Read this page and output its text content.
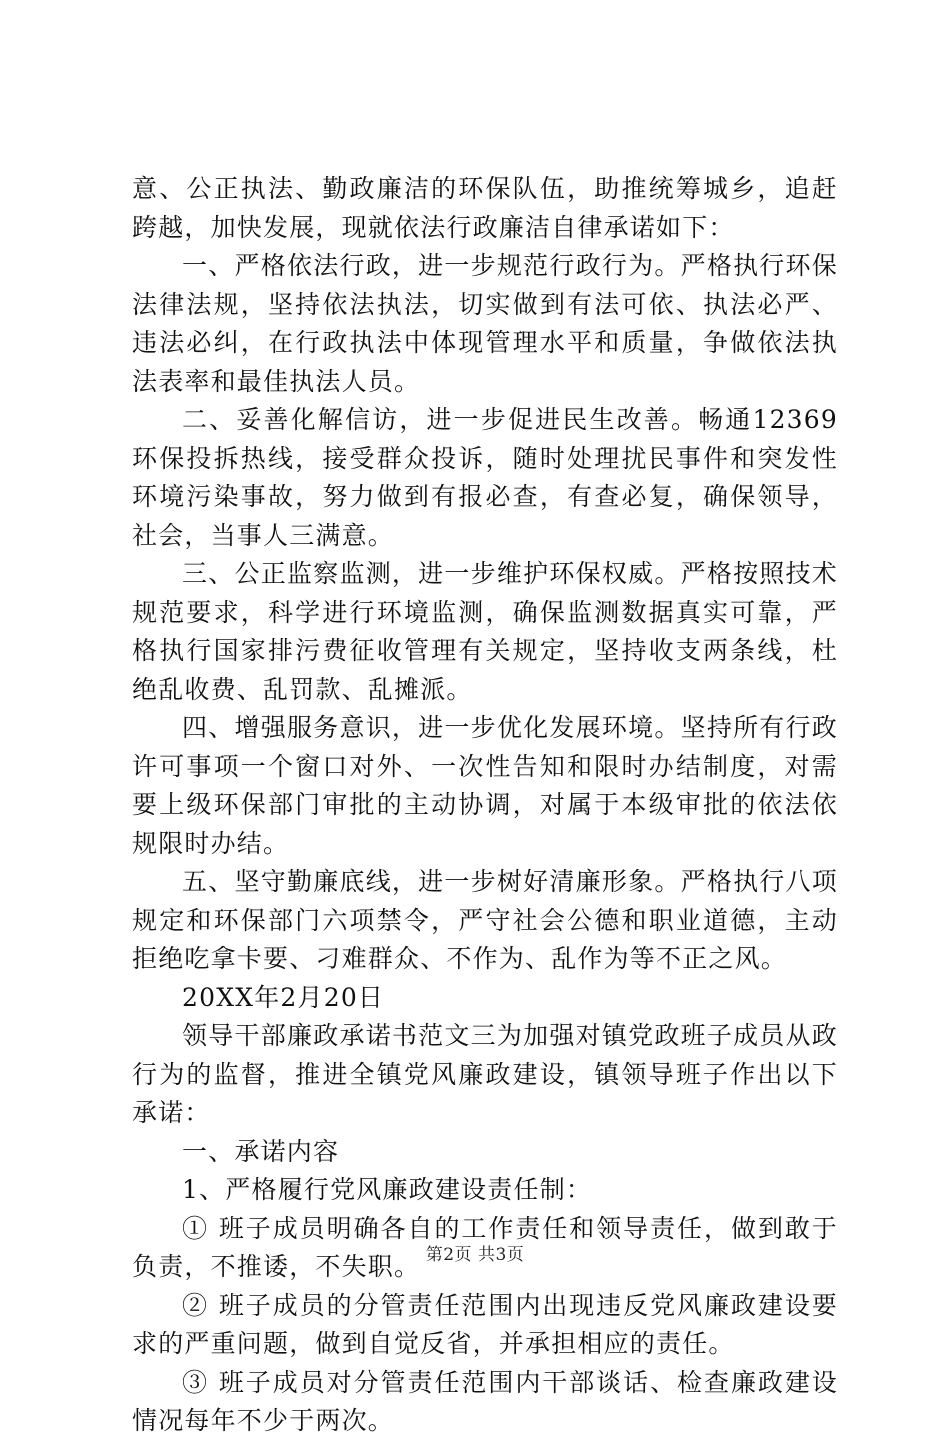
意、公正执法、勤政廉洁的环保队伍，助推统筹城乡，追赶跨越，加快发展，现就依法行政廉洁自律承诺如下：

一、严格依法行政，进一步规范行政行为。严格执行环保法律法规，坚持依法执法，切实做到有法可依、执法必严、违法必纠，在行政执法中体现管理水平和质量，争做依法执法表率和最佳执法人员。

二、妥善化解信访，进一步促进民生改善。畅通12369环保投拆热线，接受群众投诉，随时处理扰民事件和突发性环境污染事故，努力做到有报必查，有查必复，确保领导，社会，当事人三满意。

三、公正监察监测，进一步维护环保权威。严格按照技术规范要求，科学进行环境监测，确保监测数据真实可靠，严格执行国家排污费征收管理有关规定，坚持收支两条线，杜绝乱收费、乱罚款、乱摊派。

四、增强服务意识，进一步优化发展环境。坚持所有行政许可事项一个窗口对外、一次性告知和限时办结制度，对需要上级环保部门审批的主动协调，对属于本级审批的依法依规限时办结。

五、坚守勤廉底线，进一步树好清廉形象。严格执行八项规定和环保部门六项禁令，严守社会公德和职业道德，主动拒绝吃拿卡要、刁难群众、不作为、乱作为等不正之风。

20XX年2月20日

领导干部廉政承诺书范文三为加强对镇党政班子成员从政行为的监督，推进全镇党风廉政建设，镇领导班子作出以下承诺：

一、承诺内容

1、严格履行党风廉政建设责任制：

① 班子成员明确各自的工作责任和领导责任，做到敢于负责，不推诿，不失职。

② 班子成员的分管责任范围内出现违反党风廉政建设要求的严重问题，做到自觉反省，并承担相应的责任。

③ 班子成员对分管责任范围内干部谈话、检查廉政建设情况每年不少于两次。

第2页 共3页
